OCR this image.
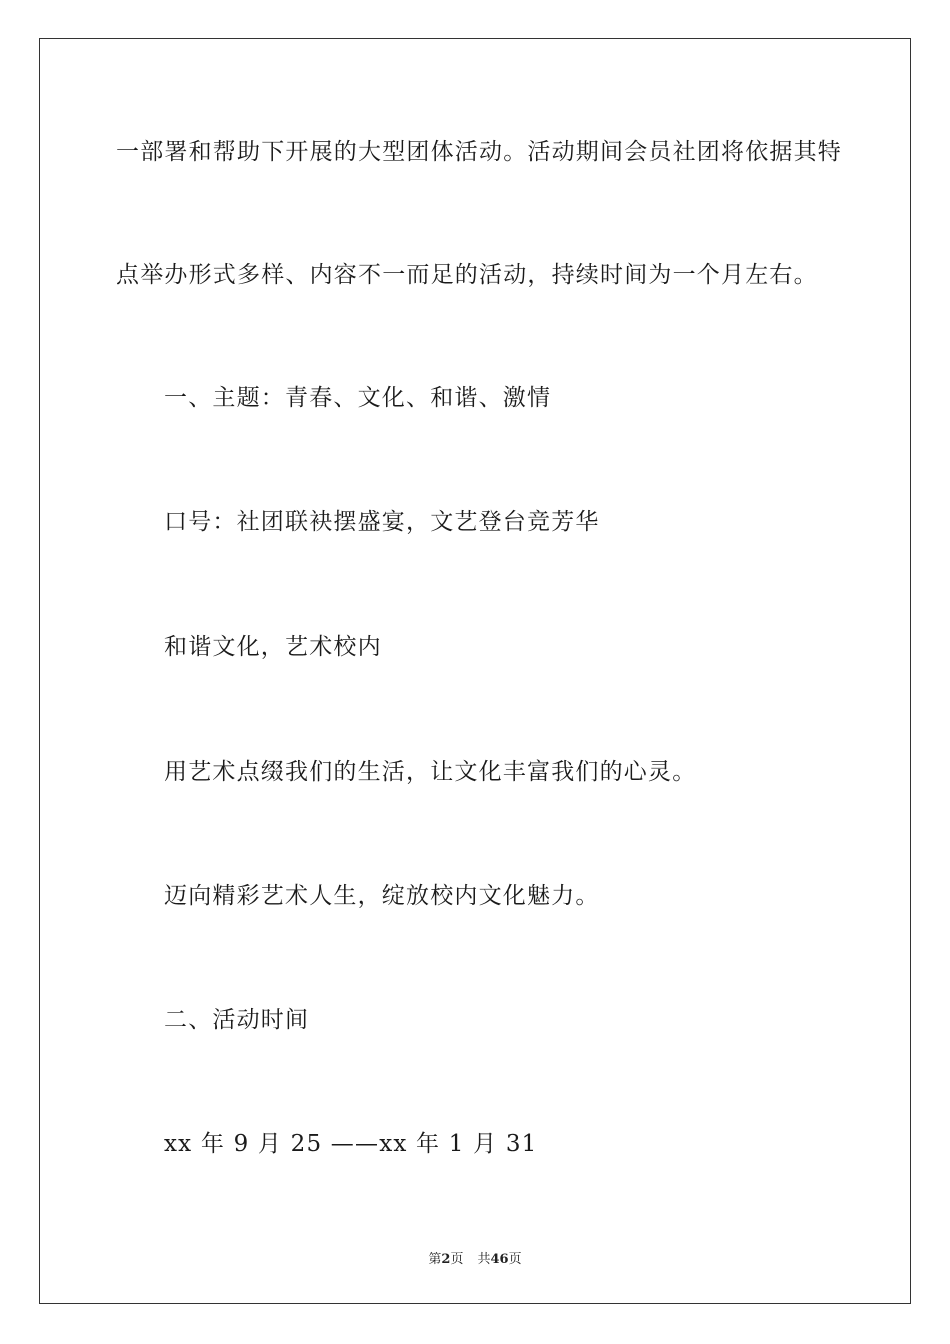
一部署和帮助下开展的大型团体活动。活动期间会员社团将依据其特
点举办形式多样、内容不一而足的活动，持续时间为一个月左右。
一、主题：青春、文化、和谐、激情
口号：社团联袂摆盛宴，文艺登台竞芳华
和谐文化，艺术校内
用艺术点缀我们的生活，让文化丰富我们的心灵。
迈向精彩艺术人生，绽放校内文化魅力。
二、活动时间
xx 年 9 月 25 ——xx 年 1 月 31
第2页 共46页
